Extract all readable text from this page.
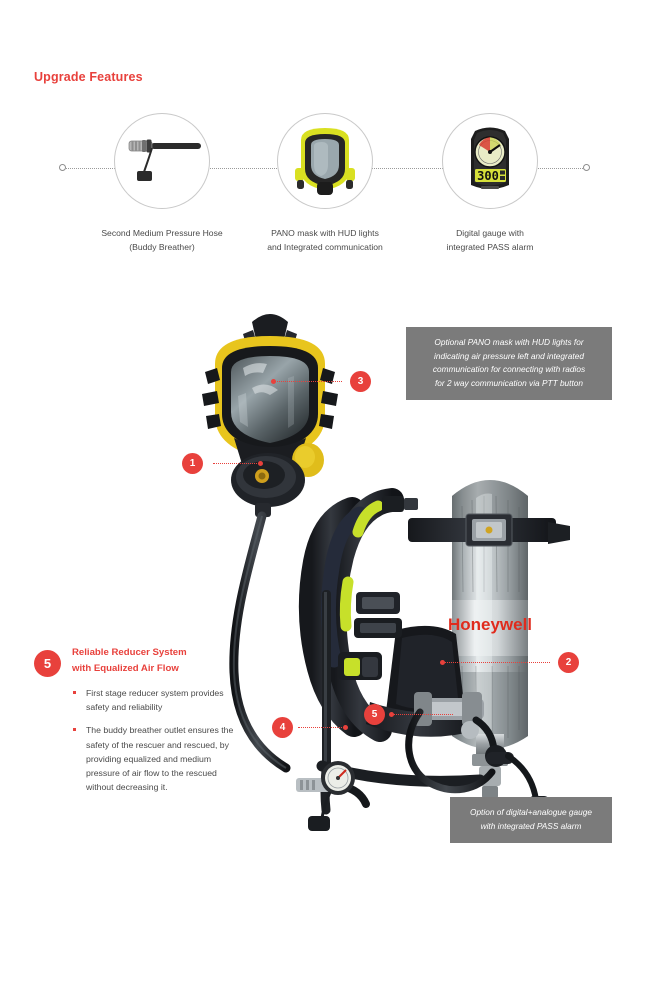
Upgrade Features
Second Medium Pressure Hose
(Buddy Breather)
PANO mask with HUD lights
and Integrated communication
300
Digital gauge with
integrated PASS alarm
Honeywell
Optional PANO mask with HUD lights for
indicating air pressure left and integrated
communication for connecting with radios
for 2 way communication via PTT button
Option of digital+analogue gauge
with integrated PASS alarm
3
1
2
4
5
5
Reliable Reducer System
with Equalized Air Flow
First stage reducer system provides safety and reliability
The buddy breather outlet ensures the safety of the rescuer and rescued, by providing equalized and medium pressure of air flow to the rescued without decreasing it.
